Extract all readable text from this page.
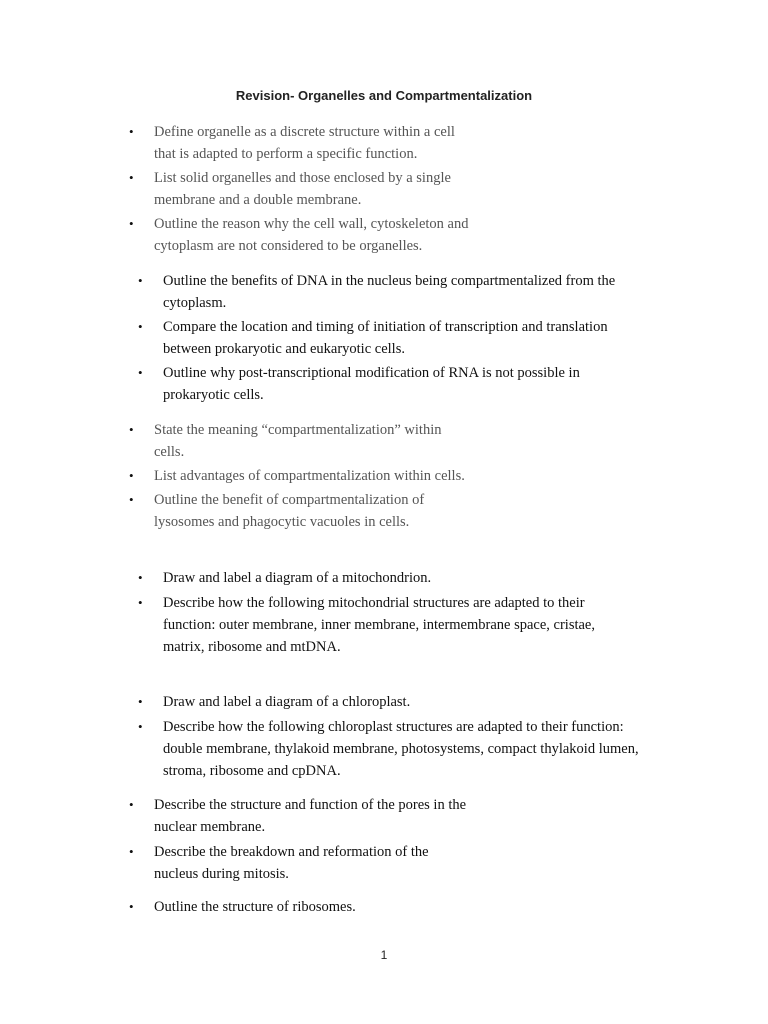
Revision- Organelles and Compartmentalization
• Define organelle as a discrete structure within a cell
that is adapted to perform a specific function.
• List solid organelles and those enclosed by a single
membrane and a double membrane.
• Outline the reason why the cell wall, cytoskeleton and
cytoplasm are not considered to be organelles.
• Outline the benefits of DNA in the nucleus being compartmentalized from the
cytoplasm.
• Compare the location and timing of initiation of transcription and translation
between prokaryotic and eukaryotic cells.
• Outline why post-transcriptional modification of RNA is not possible in
prokaryotic cells.
• State the meaning “compartmentalization” within
cells.
• List advantages of compartmentalization within cells.
• Outline the benefit of compartmentalization of
lysosomes and phagocytic vacuoles in cells.
• Draw and label a diagram of a mitochondrion.
• Describe how the following mitochondrial structures are adapted to their
function: outer membrane, inner membrane, intermembrane space, cristae,
matrix, ribosome and mtDNA.
• Draw and label a diagram of a chloroplast.
• Describe how the following chloroplast structures are adapted to their function:
double membrane, thylakoid membrane, photosystems, compact thylakoid lumen,
stroma, ribosome and cpDNA.
• Describe the structure and function of the pores in the
nuclear membrane.
• Describe the breakdown and reformation of the
nucleus during mitosis.
• Outline the structure of ribosomes.
1
